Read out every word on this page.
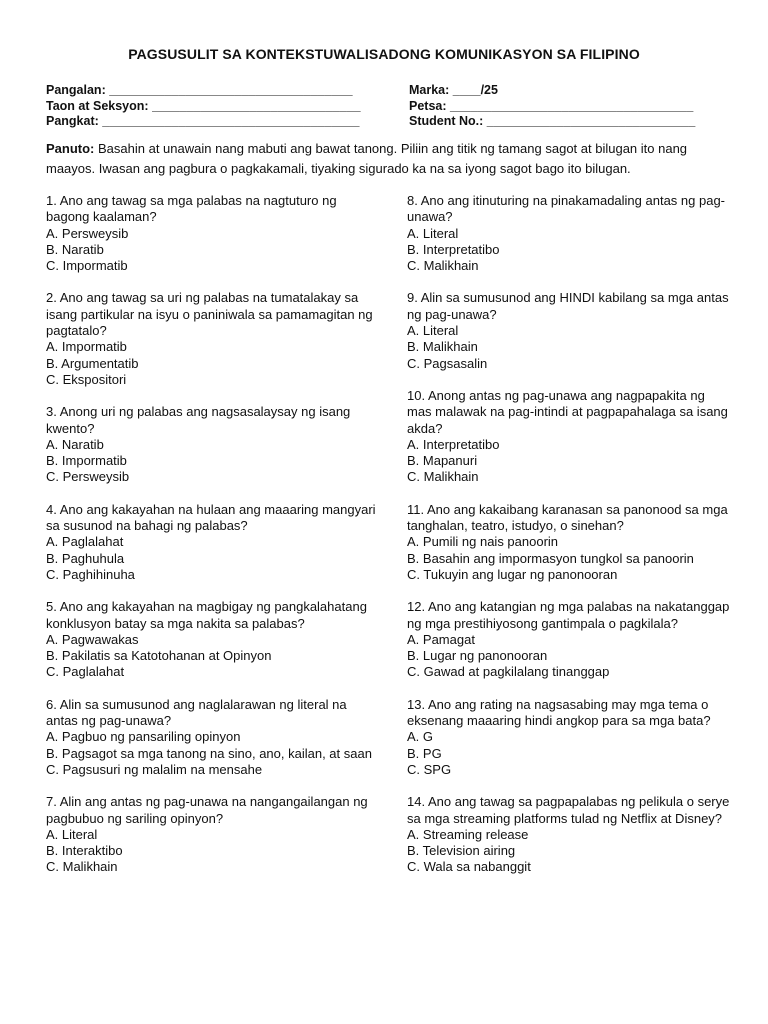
PAGSUSULIT SA KONTEKSTUWALISADONG KOMUNIKASYON SA FILIPINO
Pangalan: ___________________________________
Taon at Seksyon: ______________________________
Pangkat: _____________________________________
Marka: ____/25
Petsa: ___________________________________
Student No.: ______________________________
Panuto: Basahin at unawain nang mabuti ang bawat tanong. Piliin ang titik ng tamang sagot at bilugan ito nang maayos. Iwasan ang pagbura o pagkakamali, tiyaking sigurado ka na sa iyong sagot bago ito bilugan.
1. Ano ang tawag sa mga palabas na nagtuturo ng bagong kaalaman?
A. Persweysib
B. Naratib
C. Impormatib
2. Ano ang tawag sa uri ng palabas na tumatalakay sa isang partikular na isyu o paniniwala sa pamamagitan ng pagtatalo?
A. Impormatib
B. Argumentatib
C. Ekspositori
3. Anong uri ng palabas ang nagsasalaysay ng isang kwento?
A. Naratib
B. Impormatib
C. Persweysib
4. Ano ang kakayahan na hulaan ang maaaring mangyari sa susunod na bahagi ng palabas?
A. Paglalahat
B. Paghuhula
C. Paghihinuha
5. Ano ang kakayahan na magbigay ng pangkalahatang konklusyon batay sa mga nakita sa palabas?
A. Pagwawakas
B. Pakilatis sa Katotohanan at Opinyon
C. Paglalahat
6. Alin sa sumusunod ang naglalarawan ng literal na antas ng pag-unawa?
A. Pagbuo ng pansariling opinyon
B. Pagsagot sa mga tanong na sino, ano, kailan, at saan
C. Pagsusuri ng malalim na mensahe
7. Alin ang antas ng pag-unawa na nangangailangan ng pagbubuo ng sariling opinyon?
A. Literal
B. Interaktibo
C. Malikhain
8. Ano ang itinuturing na pinakamadaling antas ng pag-unawa?
A. Literal
B. Interpretatibo
C. Malikhain
9. Alin sa sumusunod ang HINDI kabilang sa mga antas ng pag-unawa?
A. Literal
B. Malikhain
C. Pagsasalin
10. Anong antas ng pag-unawa ang nagpapakita ng mas malawak na pag-intindi at pagpapahalaga sa isang akda?
A. Interpretatibo
B. Mapanuri
C. Malikhain
11. Ano ang kakaibang karanasan sa panonood sa mga tanghalan, teatro, istudyo, o sinehan?
A. Pumili ng nais panoorin
B. Basahin ang impormasyon tungkol sa panoorin
C. Tukuyin ang lugar ng panonooran
12. Ano ang katangian ng mga palabas na nakatanggap ng mga prestihiyosong gantimpala o pagkilala?
A. Pamagat
B. Lugar ng panonooran
C. Gawad at pagkilalang tinanggap
13. Ano ang rating na nagsasabing may mga tema o eksenang maaaring hindi angkop para sa mga bata?
A. G
B. PG
C. SPG
14. Ano ang tawag sa pagpapalabas ng pelikula o serye sa mga streaming platforms tulad ng Netflix at Disney?
A. Streaming release
B. Television airing
C. Wala sa nabanggit
